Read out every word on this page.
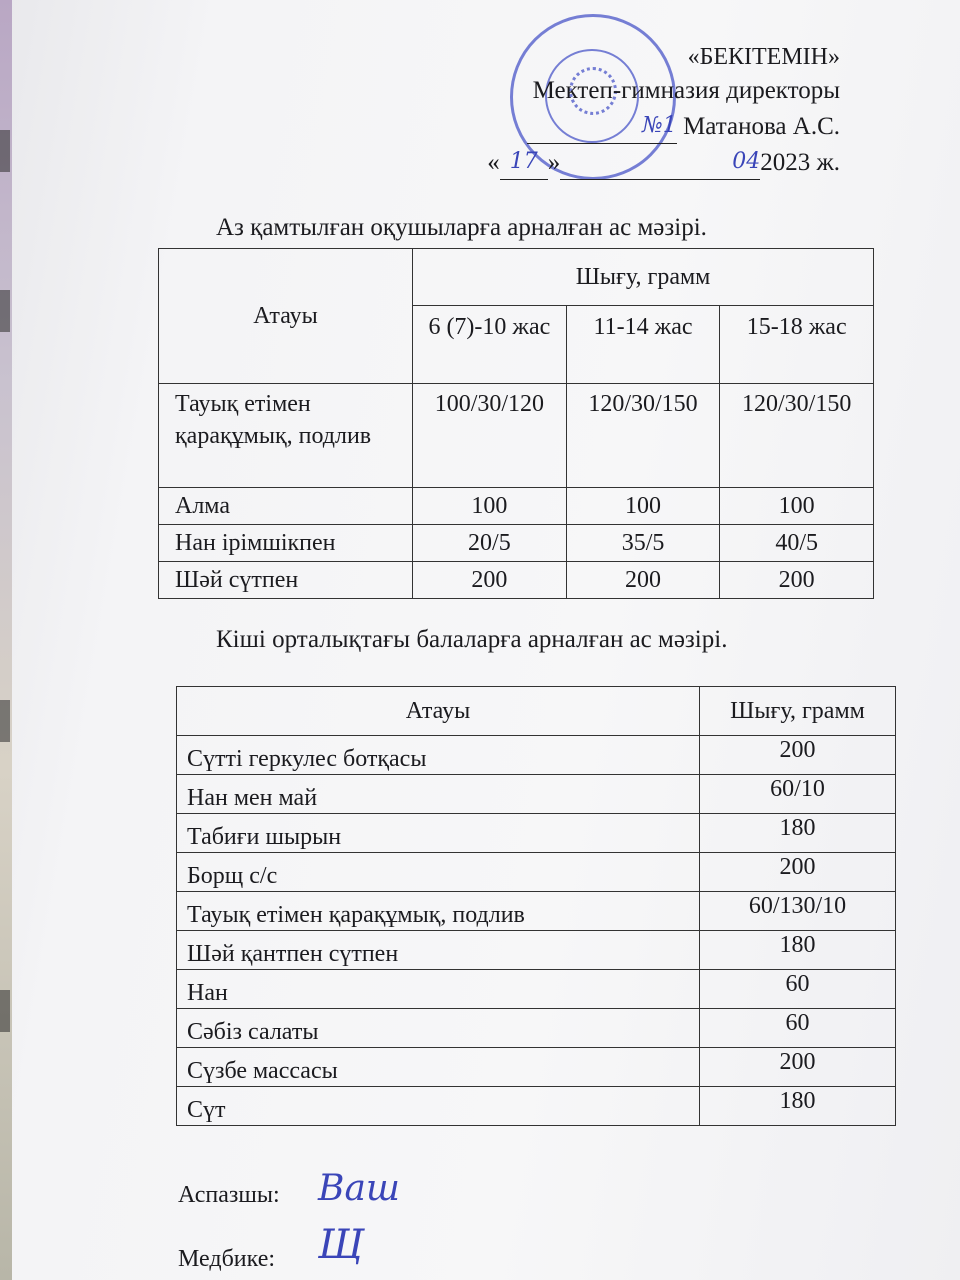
«БЕКІТЕМІН»
Мектеп-гимназия директоры
№1 Матанова А.С.
« 17 »	042023 ж.
Аз қамтылған оқушыларға арналған ас мәзірі.
Атауы	Шығу, грамм		
	6 (7)-10 жас	11-14 жас	15-18 жас
Тауық етімен қарақұмық, подлив	100/30/120	120/30/150	120/30/150
Алма	100	100	100
Нан ірімшікпен	20/5	35/5	40/5
Шәй сүтпен	200	200	200
Кіші орталықтағы балаларға арналған ас мәзірі.
Атауы	Шығу, грамм
Сүтті геркулес ботқасы	200
Нан мен май	60/10
Табиғи шырын	180
Борщ с/с	200
Тауық етімен қарақұмық, подлив	60/130/10
Шәй қантпен сүтпен	180
Нан	60
Сәбіз салаты	60
Сүзбе массасы	200
Сүт	180
Аспазшы: Ваш
Медбике: Щ
